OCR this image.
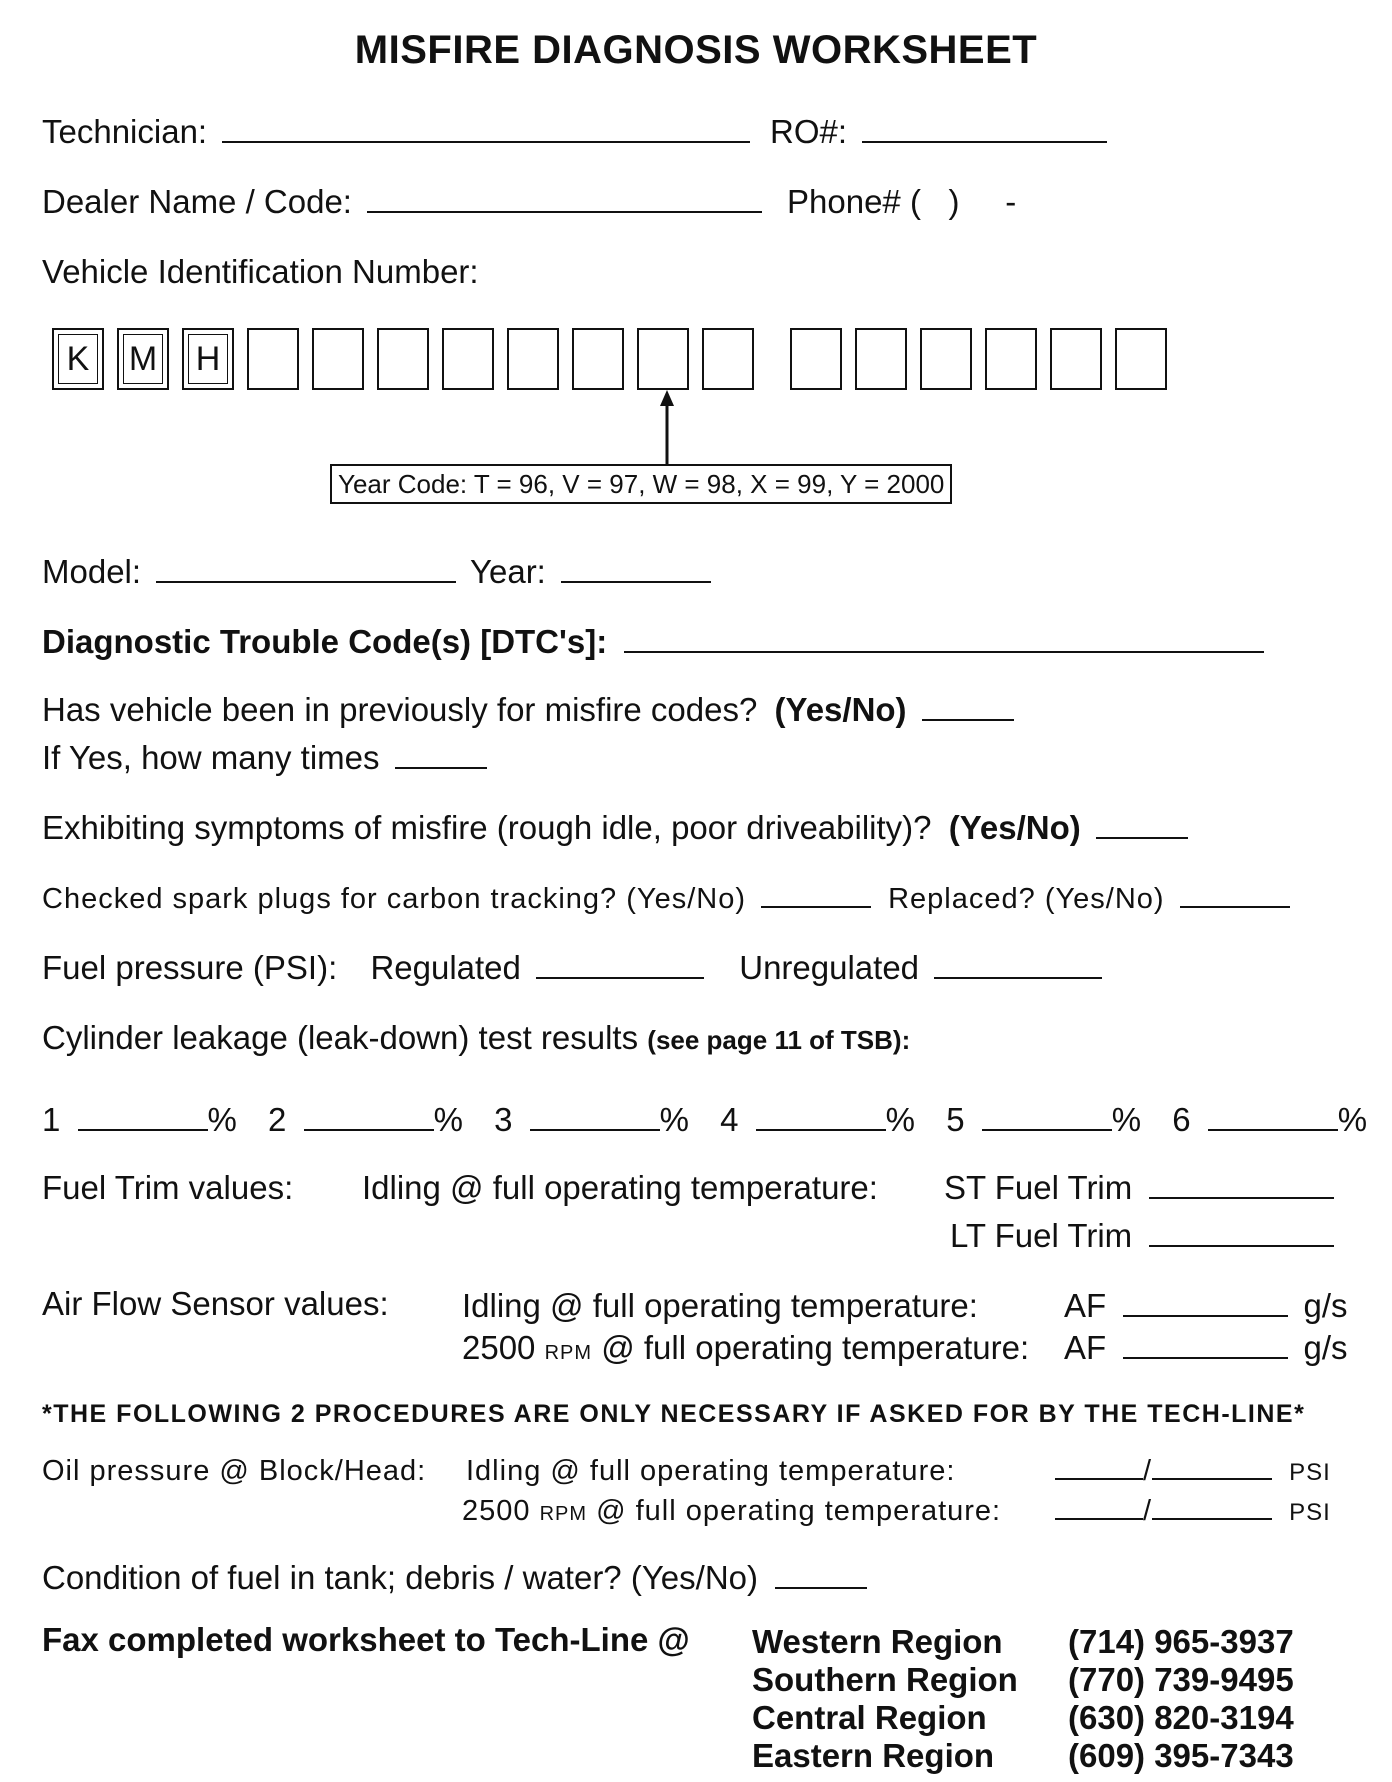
MISFIRE DIAGNOSIS WORKSHEET
Technician:	RO#:
Dealer Name / Code:	Phone# (   )     -
Vehicle Identification Number:
K	M	H
Year Code: T = 96, V = 97, W = 98, X = 99, Y = 2000
Model:	Year:
Diagnostic Trouble Code(s) [DTC's]:
Has vehicle been in previously for misfire codes? (Yes/No)
If Yes, how many times
Exhibiting symptoms of misfire (rough idle, poor driveability)? (Yes/No)
Checked spark plugs for carbon tracking? (Yes/No)	Replaced? (Yes/No)
Fuel pressure (PSI): Regulated	Unregulated
Cylinder leakage (leak-down) test results (see page 11 of TSB):
1	% 2	% 3	% 4	% 5	% 6	%
Fuel Trim values: Idling @ full operating temperature: ST Fuel Trim
LT Fuel Trim
Air Flow Sensor values: Idling @ full operating temperature:	AF	g/s
2500 RPM @ full operating temperature: AF	g/s
*THE FOLLOWING 2 PROCEDURES ARE ONLY NECESSARY IF ASKED FOR BY THE TECH-LINE*
Oil pressure @ Block/Head: Idling @ full operating temperature:	/	PSI
2500 RPM @ full operating temperature:	/	PSI
Condition of fuel in tank; debris / water? (Yes/No)
Fax completed worksheet to Tech-Line @ Western Region (714) 965-3937
Southern Region (770) 739-9495
Central Region (630) 820-3194
Eastern Region (609) 395-7343
